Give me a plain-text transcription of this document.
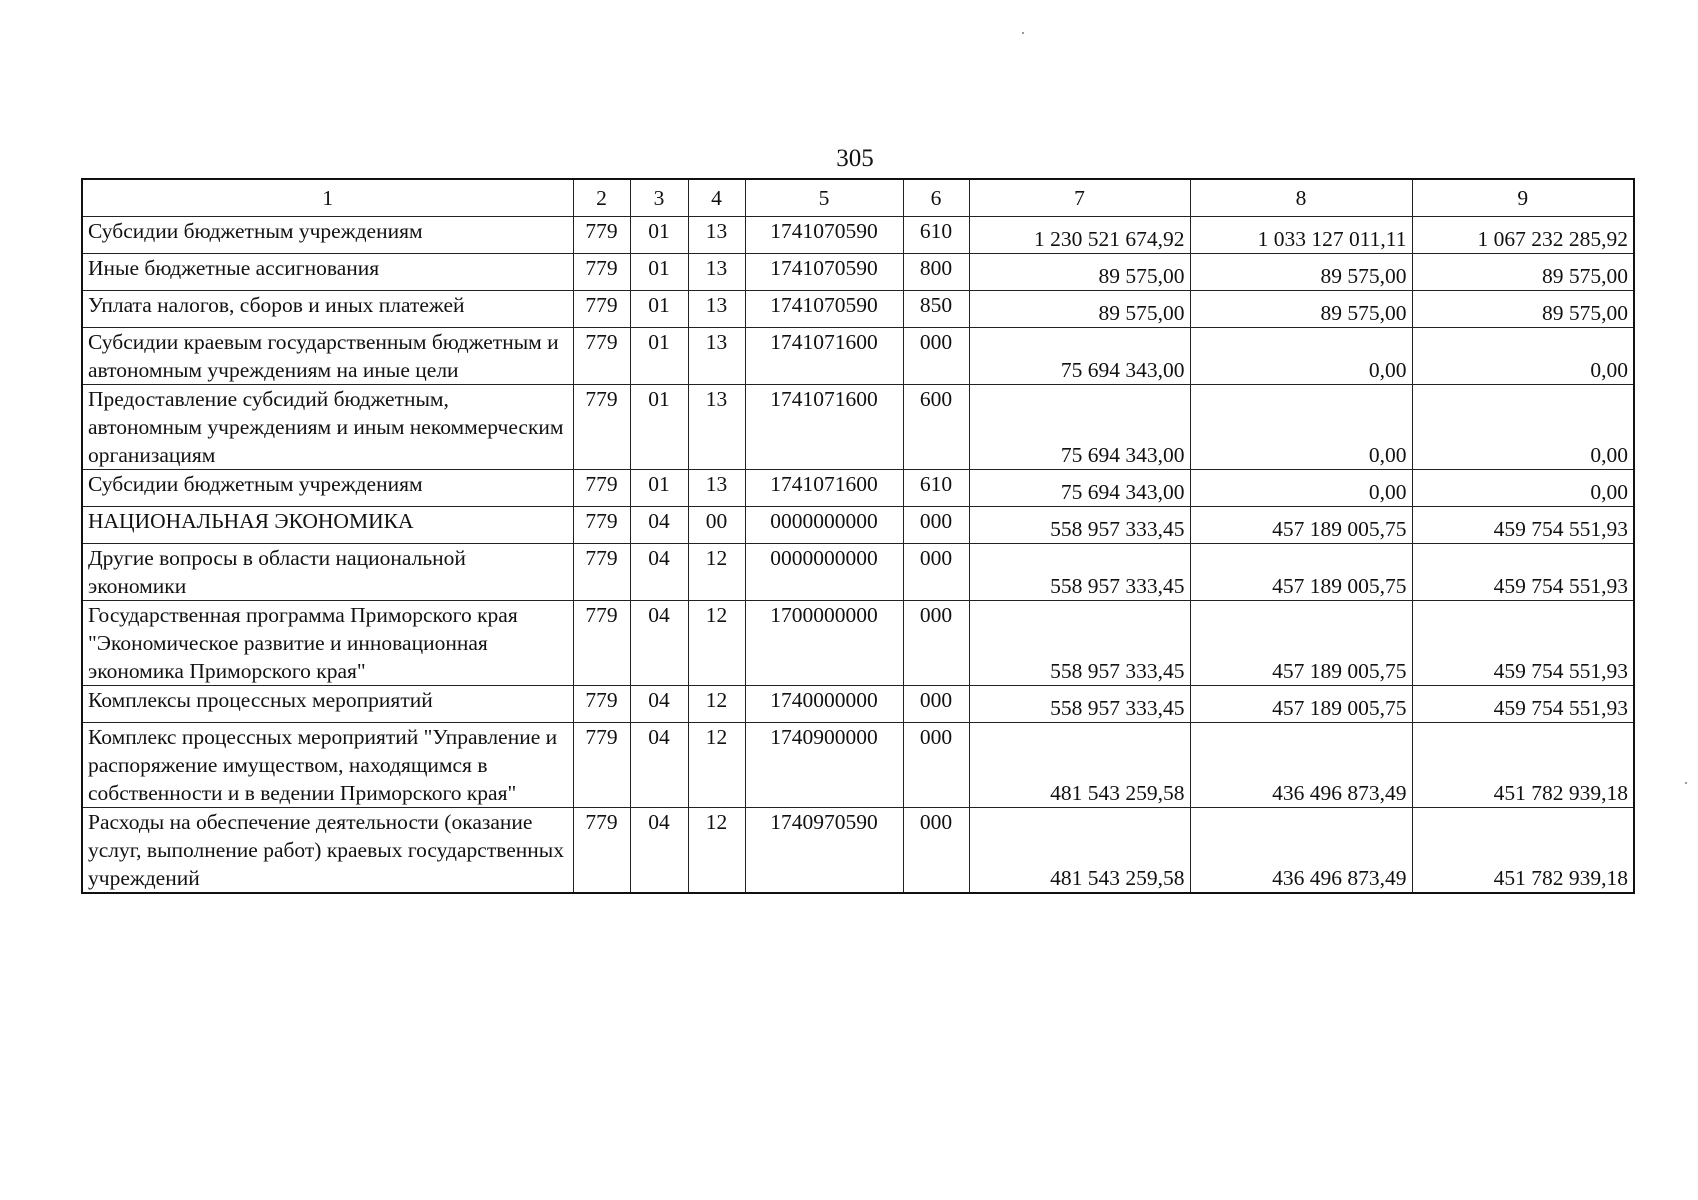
305
1	2	3	4	5	6	7	8	9
Субсидии бюджетным учреждениям	779	01	13	1741070590	610	1 230 521 674,92	1 033 127 011,11	1 067 232 285,92
Иные бюджетные ассигнования	779	01	13	1741070590	800	89 575,00	89 575,00	89 575,00
Уплата налогов, сборов и иных платежей	779	01	13	1741070590	850	89 575,00	89 575,00	89 575,00
Субсидии краевым государственным бюджетным и автономным учреждениям на иные цели	779	01	13	1741071600	000	75 694 343,00	0,00	0,00
Предоставление субсидий бюджетным, автономным учреждениям и иным некоммерческим организациям	779	01	13	1741071600	600	75 694 343,00	0,00	0,00
Субсидии бюджетным учреждениям	779	01	13	1741071600	610	75 694 343,00	0,00	0,00
НАЦИОНАЛЬНАЯ ЭКОНОМИКА	779	04	00	0000000000	000	558 957 333,45	457 189 005,75	459 754 551,93
Другие вопросы в области национальной экономики	779	04	12	0000000000	000	558 957 333,45	457 189 005,75	459 754 551,93
Государственная программа Приморского края "Экономическое развитие и инновационная экономика Приморского края"	779	04	12	1700000000	000	558 957 333,45	457 189 005,75	459 754 551,93
Комплексы процессных мероприятий	779	04	12	1740000000	000	558 957 333,45	457 189 005,75	459 754 551,93
Комплекс процессных мероприятий "Управление и распоряжение имуществом, находящимся в собственности и в ведении Приморского края"	779	04	12	1740900000	000	481 543 259,58	436 496 873,49	451 782 939,18
Расходы на обеспечение деятельности (оказание услуг, выполнение работ) краевых государственных учреждений	779	04	12	1740970590	000	481 543 259,58	436 496 873,49	451 782 939,18
